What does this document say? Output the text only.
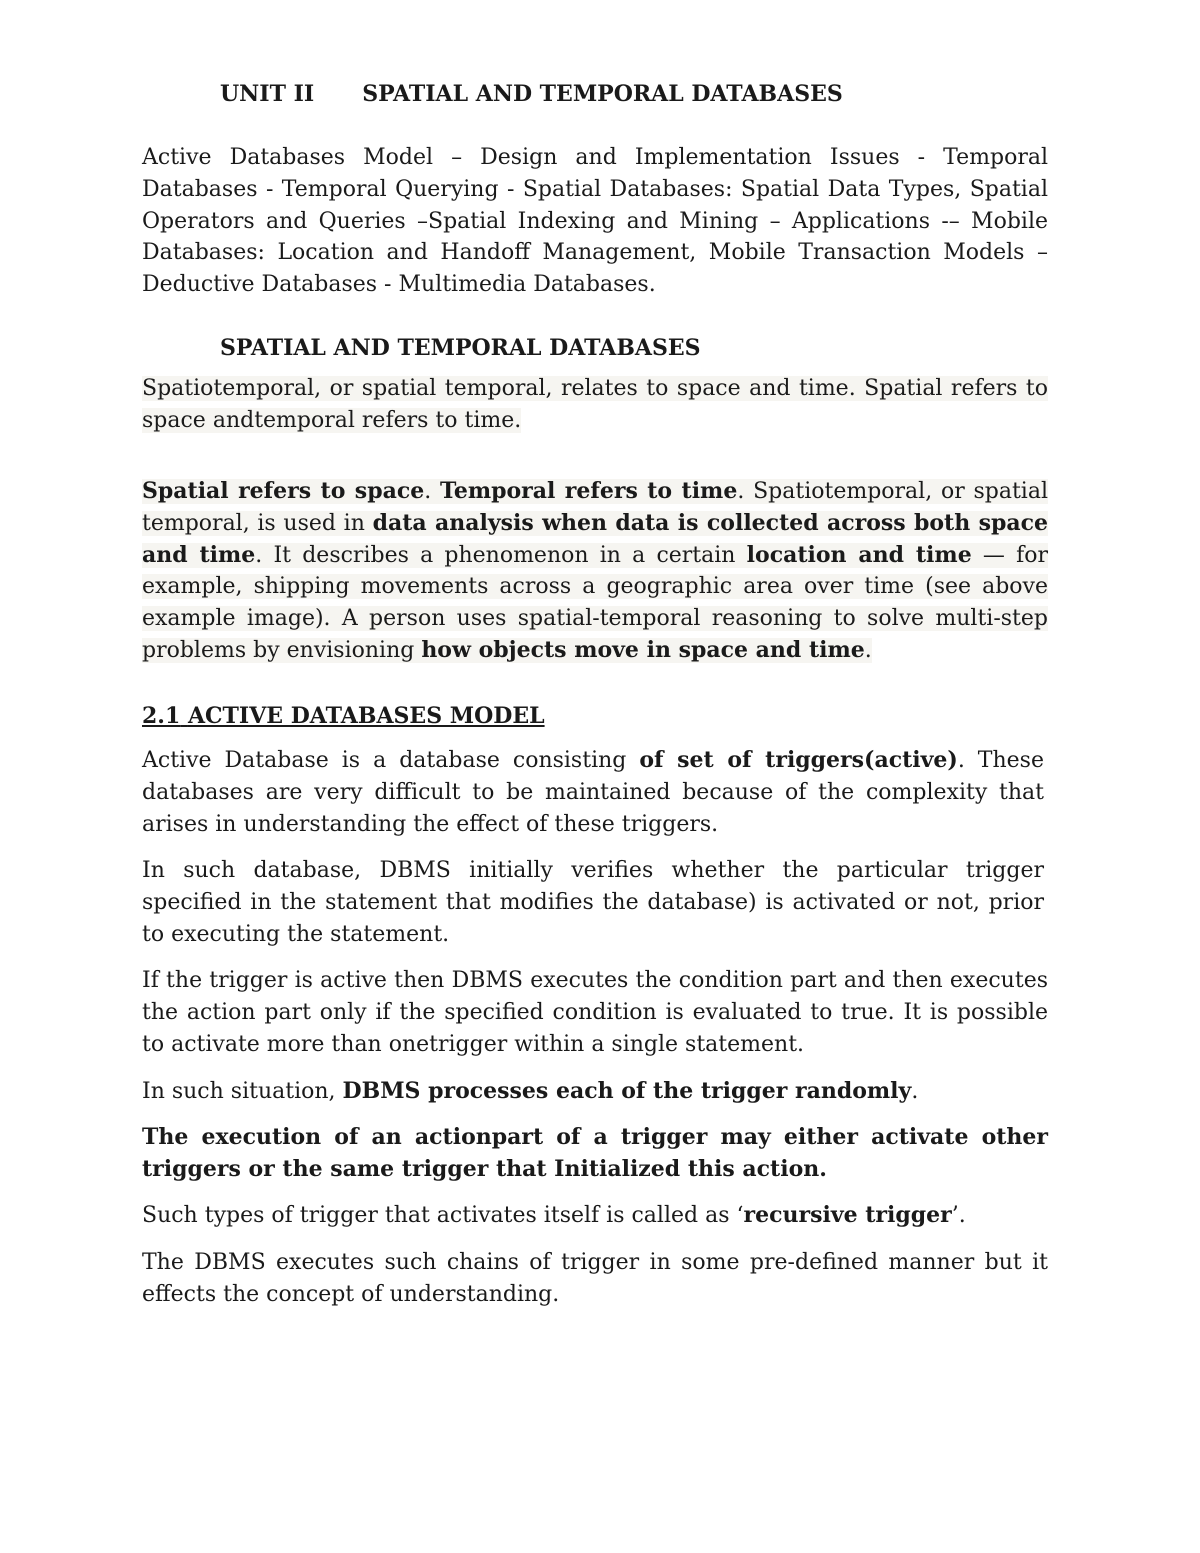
UNIT II SPATIAL AND TEMPORAL DATABASES

Active Databases Model – Design and Implementation Issues - Temporal Databases - Temporal Querying - Spatial Databases: Spatial Data Types, Spatial Operators and Queries –Spatial Indexing and Mining – Applications -– Mobile Databases: Location and Handoff Management, Mobile Transaction Models – Deductive Databases - Multimedia Databases.

SPATIAL AND TEMPORAL DATABASES

Spatiotemporal, or spatial temporal, relates to space and time. Spatial refers to space andtemporal refers to time.

Spatial refers to space. Temporal refers to time. Spatiotemporal, or spatial temporal, is used in data analysis when data is collected across both space and time. It describes a phenomenon in a certain location and time — for example, shipping movements across a geographic area over time (see above example image). A person uses spatial-temporal reasoning to solve multi-step problems by envisioning how objects move in space and time.

2.1 ACTIVE DATABASES MODEL

Active Database is a database consisting of set of triggers(active). These databases are very difficult to be maintained because of the complexity that arises in understanding the effect of these triggers.

In such database, DBMS initially verifies whether the particular trigger specified in the statement that modifies the database) is activated or not, prior to executing the statement.

If the trigger is active then DBMS executes the condition part and then executes the action part only if the specified condition is evaluated to true. It is possible to activate more than onetrigger within a single statement.

In such situation, DBMS processes each of the trigger randomly.

The execution of an actionpart of a trigger may either activate other triggers or the same trigger that Initialized this action.

Such types of trigger that activates itself is called as ‘recursive trigger’.

The DBMS executes such chains of trigger in some pre-defined manner but it effects the concept of understanding.
